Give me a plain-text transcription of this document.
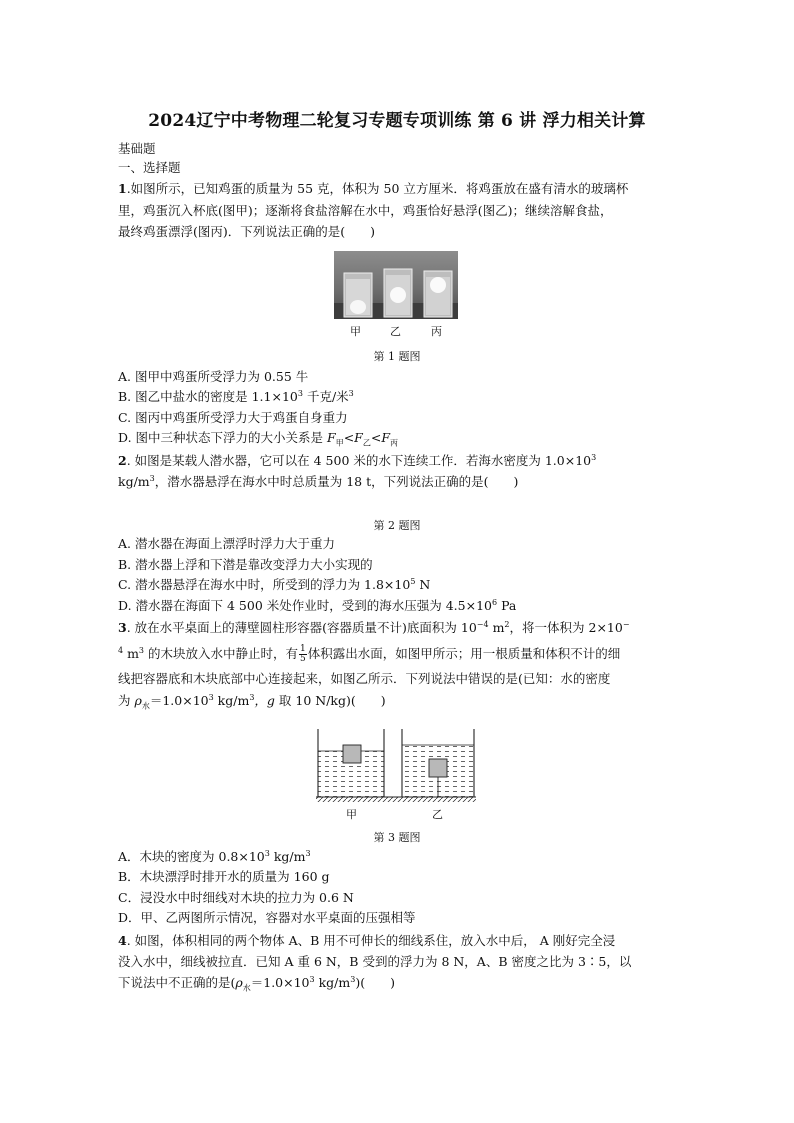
2024辽宁中考物理二轮复习专题专项训练 第 6 讲 浮力相关计算
基础题
一、选择题
1.如图所示，已知鸡蛋的质量为 55 克，体积为 50 立方厘米．将鸡蛋放在盛有清水的玻璃杯
里，鸡蛋沉入杯底(图甲)；逐渐将食盐溶解在水中，鸡蛋恰好悬浮(图乙)；继续溶解食盐，
最终鸡蛋漂浮(图丙)．下列说法正确的是(　　)
甲	乙	丙
第 1 题图
A. 图甲中鸡蛋所受浮力为 0.55 牛
B. 图乙中盐水的密度是 $1.1\times 10^3$ 千克/米$^3$
C. 图丙中鸡蛋所受浮力大于鸡蛋自身重力
D. 图中三种状态下浮力的大小关系是 $F_甲<F_乙<F_丙$
2. 如图是某载人潜水器，它可以在 4 500 米的水下连续工作．若海水密度为 $1.0\times 10^3$
$kg/m^3$，潜水器悬浮在海水中时总质量为 18 t，下列说法正确的是(　　)
第 2 题图
A. 潜水器在海面上漂浮时浮力大于重力
B. 潜水器上浮和下潜是靠改变浮力大小实现的
C. 潜水器悬浮在海水中时，所受到的浮力为 $1.8\times 10^5$ N
D. 潜水器在海面下 4 500 米处作业时，受到的海水压强为 $4.5\times 10^6$ Pa
3. 放在水平桌面上的薄壁圆柱形容器(容器质量不计)底面积为 $10^{-4}$ $m^2$，将一体积为 2×10−
$^4$ $m^3$ 的木块放入水中静止时，有 $\frac{1}{5}$ 体积露出水面，如图甲所示；用一根质量和体积不计的细
线把容器底和木块底部中心连接起来，如图乙所示．下列说法中错误的是(已知：水的密度
为 $\rho_水=1.0\times 10^3$ $kg/m^3$，g 取 10 N/kg)(　　)
甲	乙
第 3 题图
A．木块的密度为 $0.8\times 10^3$ $kg/m^3$
B．木块漂浮时排开水的质量为 160 g
C．浸没水中时细线对木块的拉力为 0.6 N
D．甲、乙两图所示情况，容器对水平桌面的压强相等
4. 如图，体积相同的两个物体 A、B 用不可伸长的细线系住，放入水中后， A 刚好完全浸
没入水中，细线被拉直．已知 A 重 6 N，B 受到的浮力为 8 N，A、B 密度之比为 3∶5，以
下说法中不正确的是($\rho_水=1.0\times 10^3$ $kg/m^3$)(　　)
